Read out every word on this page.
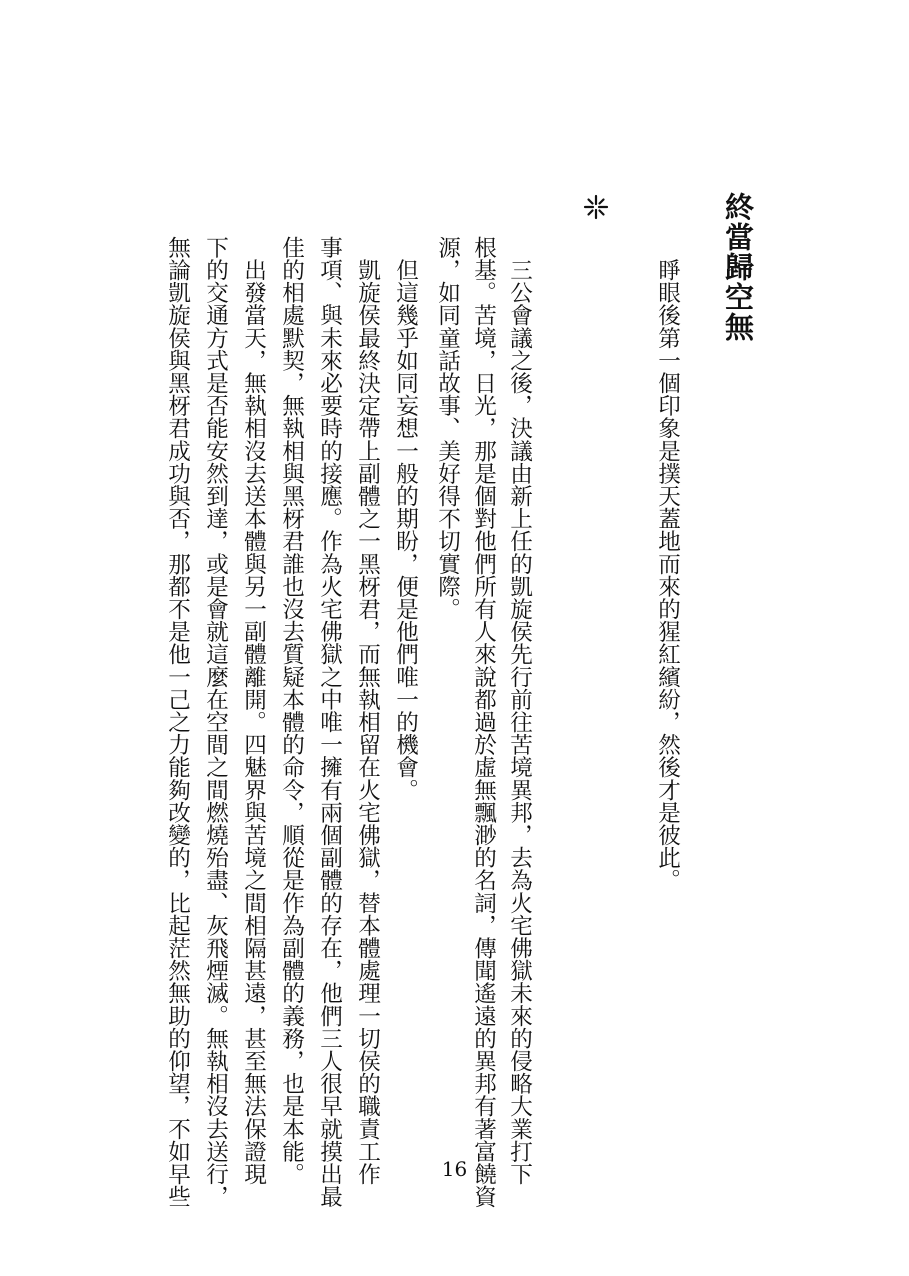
終當歸空無
　睜眼後第一個印象是撲天蓋地而來的猩紅繽紛，然後才是彼此。
　三公會議之後，決議由新上任的凱旋侯先行前往苦境異邦，去為火宅佛獄未來的侵略大業打下
根基。苦境，日光，那是個對他們所有人來說都過於虛無飄渺的名詞，傳聞遙遠的異邦有著富饒資
源，如同童話故事、美好得不切實際。
　但這幾乎如同妄想一般的期盼，便是他們唯一的機會。
　凱旋侯最終決定帶上副體之一黑枒君，而無執相留在火宅佛獄，替本體處理一切侯的職責工作
事項、與未來必要時的接應。作為火宅佛獄之中唯一擁有兩個副體的存在，他們三人很早就摸出最
佳的相處默契，無執相與黑枒君誰也沒去質疑本體的命令，順從是作為副體的義務，也是本能。
　出發當天，無執相沒去送本體與另一副體離開。四魅界與苦境之間相隔甚遠，甚至無法保證現
下的交通方式是否能安然到達，或是會就這麼在空間之間燃燒殆盡、灰飛煙滅。無執相沒去送行，
無論凱旋侯與黑枒君成功與否，那都不是他一己之力能夠改變的，比起茫然無助的仰望，不如早些	16
